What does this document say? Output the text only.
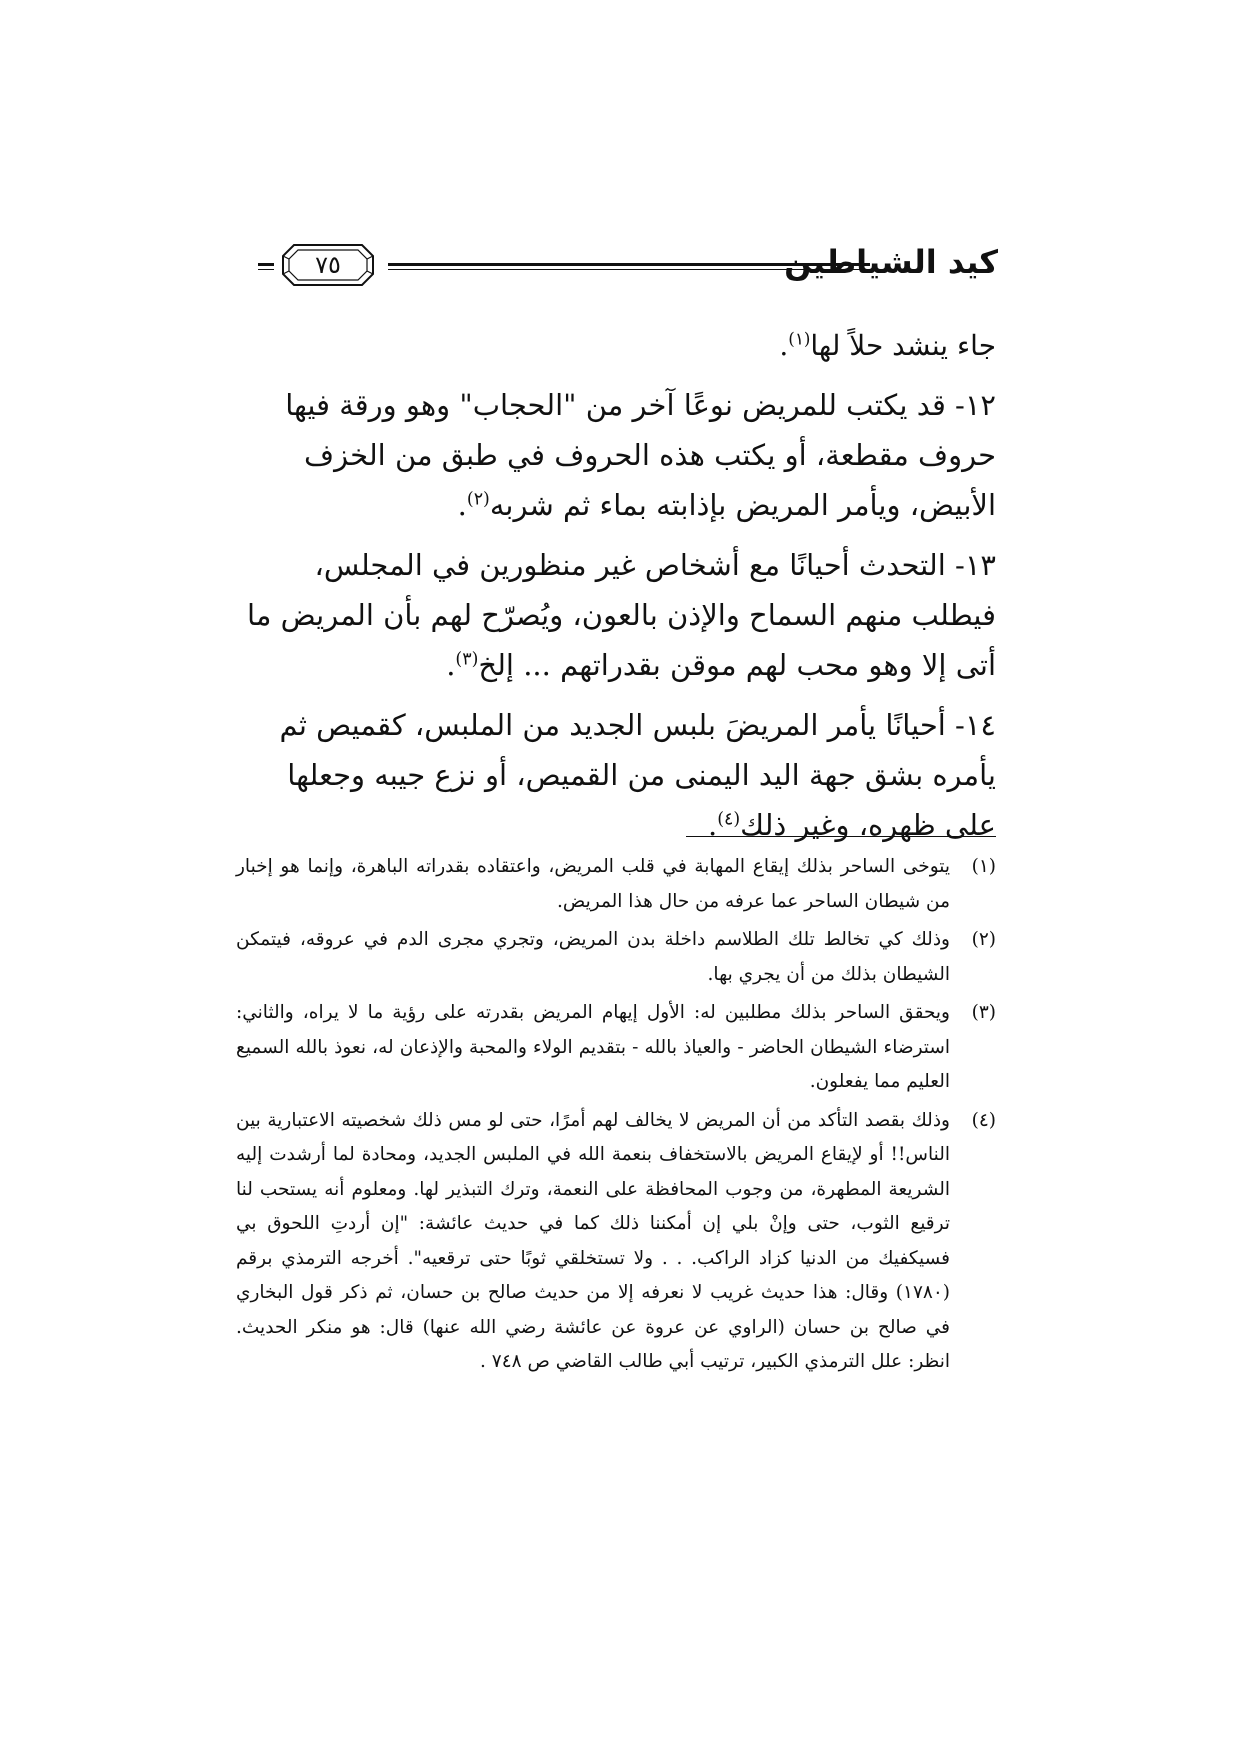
كيد الشياطين
٧٥

جاء ينشد حلاً لها$^{(١)}$.

١٢- قد يكتب للمريض نوعًا آخر من "الحجاب" وهو ورقة فيها حروف مقطعة، أو يكتب هذه الحروف في طبق من الخزف الأبيض، ويأمر المريض بإذابته بماء ثم شربه$^{(٢)}$.

١٣- التحدث أحيانًا مع أشخاص غير منظورين في المجلس، فيطلب منهم السماح والإذن بالعون، ويُصرّح لهم بأن المريض ما أتى إلا وهو محب لهم موقن بقدراتهم ... إلخ$^{(٣)}$.

١٤- أحيانًا يأمر المريضَ بلبس الجديد من الملبس، كقميص ثم يأمره بشق جهة اليد اليمنى من القميص، أو نزع جيبه وجعلها على ظهره، وغير ذلك$^{(٤)}$.

(١)
يتوخى الساحر بذلك إيقاع المهابة في قلب المريض، واعتقاده بقدراته الباهرة، وإنما هو إخبار من شيطان الساحر عما عرفه من حال هذا المريض.

(٢)
وذلك كي تخالط تلك الطلاسم داخلة بدن المريض، وتجري مجرى الدم في عروقه، فيتمكن الشيطان بذلك من أن يجري بها.

(٣)
ويحقق الساحر بذلك مطلبين له: الأول إيهام المريض بقدرته على رؤية ما لا يراه، والثاني: استرضاء الشيطان الحاضر - والعياذ بالله - بتقديم الولاء والمحبة والإذعان له، نعوذ بالله السميع العليم مما يفعلون.

(٤)
وذلك بقصد التأكد من أن المريض لا يخالف لهم أمرًا، حتى لو مس ذلك شخصيته الاعتبارية بين الناس!! أو لإيقاع المريض بالاستخفاف بنعمة الله في الملبس الجديد، ومحادة لما أرشدت إليه الشريعة المطهرة، من وجوب المحافظة على النعمة، وترك التبذير لها. ومعلوم أنه يستحب لنا ترقيع الثوب، حتى وإنْ بلي إن أمكننا ذلك كما في حديث عائشة: "إن أردتِ اللحوق بي فسيكفيك من الدنيا كزاد الراكب. . . ولا تستخلقي ثوبًا حتى ترقعيه". أخرجه الترمذي برقم (١٧٨٠) وقال: هذا حديث غريب لا نعرفه إلا من حديث صالح بن حسان، ثم ذكر قول البخاري في صالح بن حسان (الراوي عن عروة عن عائشة رضي الله عنها) قال: هو منكر الحديث. انظر: علل الترمذي الكبير، ترتيب أبي طالب القاضي ص ٧٤٨ .
